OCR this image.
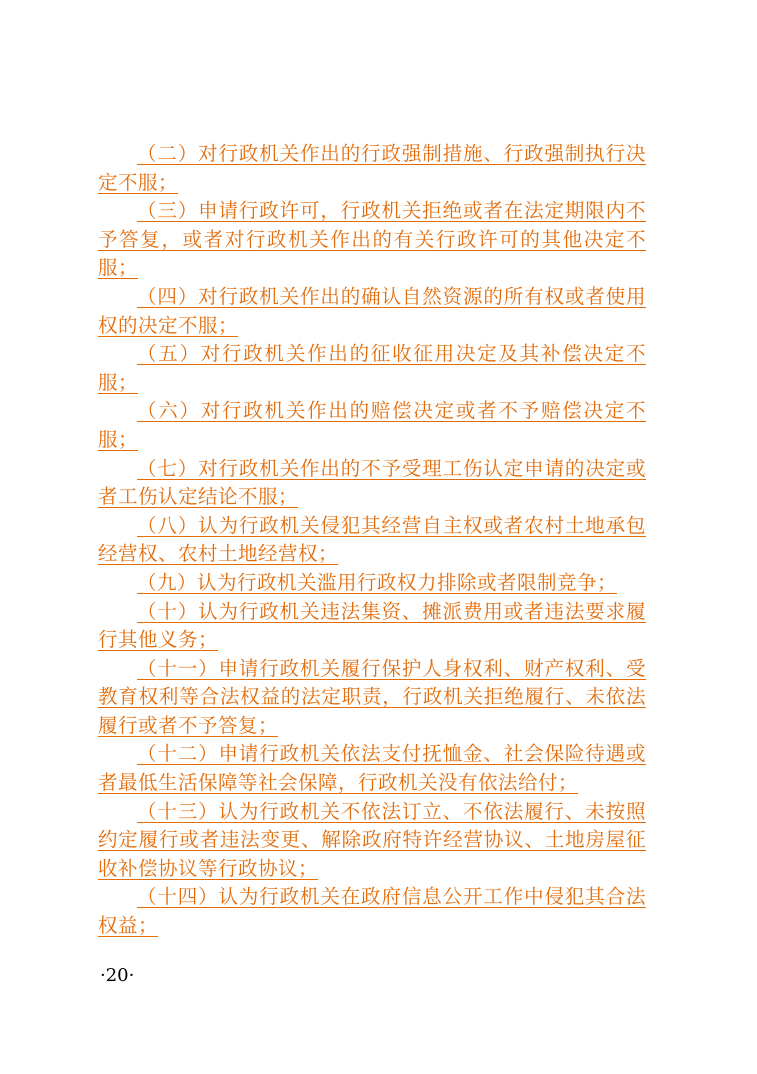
（二）对行政机关作出的行政强制措施、行政强制执行决定不服；

（三）申请行政许可，行政机关拒绝或者在法定期限内不予答复，或者对行政机关作出的有关行政许可的其他决定不服；

（四）对行政机关作出的确认自然资源的所有权或者使用权的决定不服；

（五）对行政机关作出的征收征用决定及其补偿决定不服；

（六）对行政机关作出的赔偿决定或者不予赔偿决定不服；

（七）对行政机关作出的不予受理工伤认定申请的决定或者工伤认定结论不服；

（八）认为行政机关侵犯其经营自主权或者农村土地承包经营权、农村土地经营权；

（九）认为行政机关滥用行政权力排除或者限制竞争；

（十）认为行政机关违法集资、摊派费用或者违法要求履行其他义务；

（十一）申请行政机关履行保护人身权利、财产权利、受教育权利等合法权益的法定职责，行政机关拒绝履行、未依法履行或者不予答复；

（十二）申请行政机关依法支付抚恤金、社会保险待遇或者最低生活保障等社会保障，行政机关没有依法给付；

（十三）认为行政机关不依法订立、不依法履行、未按照约定履行或者违法变更、解除政府特许经营协议、土地房屋征收补偿协议等行政协议；

（十四）认为行政机关在政府信息公开工作中侵犯其合法权益；

·20·
